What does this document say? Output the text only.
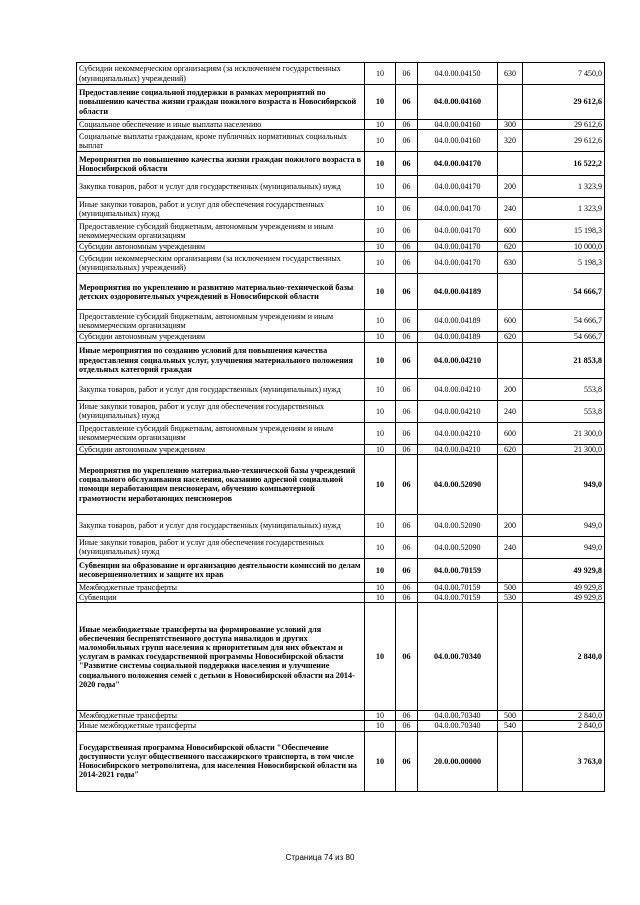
Субсидии некоммерческим организациям (за исключением государственных (муниципальных) учреждений)	10	06	04.0.00.04150	630	7 450,0
Предоставление социальной поддержки в рамках мероприятий по повышению качества жизни граждан пожилого возраста в Новосибирской области	10	06	04.0.00.04160		29 612,6
Социальное обеспечение и иные выплаты населению	10	06	04.0.00.04160	300	29 612,6
Социальные выплаты гражданам, кроме публичных нормативных социальных выплат	10	06	04.0.00.04160	320	29 612,6
Мероприятия по повышению качества жизни граждан пожилого возраста в Новосибирской области	10	06	04.0.00.04170		16 522,2
Закупка товаров, работ и услуг для государственных (муниципальных) нужд	10	06	04.0.00.04170	200	1 323,9
Иные закупки товаров, работ и услуг для обеспечения государственных (муниципальных) нужд	10	06	04.0.00.04170	240	1 323,9
Предоставление субсидий бюджетным, автономным учреждениям и иным некоммерческим организациям	10	06	04.0.00.04170	600	15 198,3
Субсидии автономным учреждениям	10	06	04.0.00.04170	620	10 000,0
Субсидии некоммерческим организациям (за исключением государственных (муниципальных) учреждений)	10	06	04.0.00.04170	630	5 198,3
Мероприятия по укреплению и развитию материально-технической базы детских оздоровительных учреждений в Новосибирской области	10	06	04.0.00.04189		54 666,7
Предоставление субсидий бюджетным, автономным учреждениям и иным некоммерческим организациям	10	06	04.0.00.04189	600	54 666,7
Субсидии автономным учреждениям	10	06	04.0.00.04189	620	54 666,7
Иные мероприятия по созданию условий для повышения качества предоставления социальных услуг, улучшения материального положения отдельных категорий граждан	10	06	04.0.00.04210		21 853,8
Закупка товаров, работ и услуг для государственных (муниципальных) нужд	10	06	04.0.00.04210	200	553,8
Иные закупки товаров, работ и услуг для обеспечения государственных (муниципальных) нужд	10	06	04.0.00.04210	240	553,8
Предоставление субсидий бюджетным, автономным учреждениям и иным некоммерческим организациям	10	06	04.0.00.04210	600	21 300,0
Субсидии автономным учреждениям	10	06	04.0.00.04210	620	21 300,0
Мероприятия по укреплению материально-технической базы учреждений социального обслуживания населения, оказанию адресной социальной помощи неработающим пенсионерам, обучению компьютерной грамотности неработающих пенсионеров	10	06	04.0.00.52090		949,0
Закупка товаров, работ и услуг для государственных (муниципальных) нужд	10	06	04.0.00.52090	200	949,0
Иные закупки товаров, работ и услуг для обеспечения государственных (муниципальных) нужд	10	06	04.0.00.52090	240	949,0
Субвенции на образование и организацию деятельности комиссий по делам несовершеннолетних и защите их прав	10	06	04.0.00.70159		49 929,8
Межбюджетные трансферты	10	06	04.0.00.70159	500	49 929,8
Субвенции	10	06	04.0.00.70159	530	49 929,8
Иные межбюджетные трансферты на формирование условий для обеспечения беспрепятственного доступа инвалидов и других маломобильных групп населения к приоритетным для них объектам и услугам в рамках государственной программы Новосибирской области "Развитие системы социальной поддержки населения и улучшение социального положения семей с детьми в Новосибирской области на 2014-2020 годы"	10	06	04.0.00.70340		2 840,0
Межбюджетные трансферты	10	06	04.0.00.70340	500	2 840,0
Иные межбюджетные трансферты	10	06	04.0.00.70340	540	2 840,0
Государственная программа Новосибирской области "Обеспечение доступности услуг общественного пассажирского транспорта, в том числе Новосибирского метрополитена, для населения Новосибирской области на 2014-2021 годы"	10	06	20.0.00.00000		3 763,0
Страница 74 из 80
